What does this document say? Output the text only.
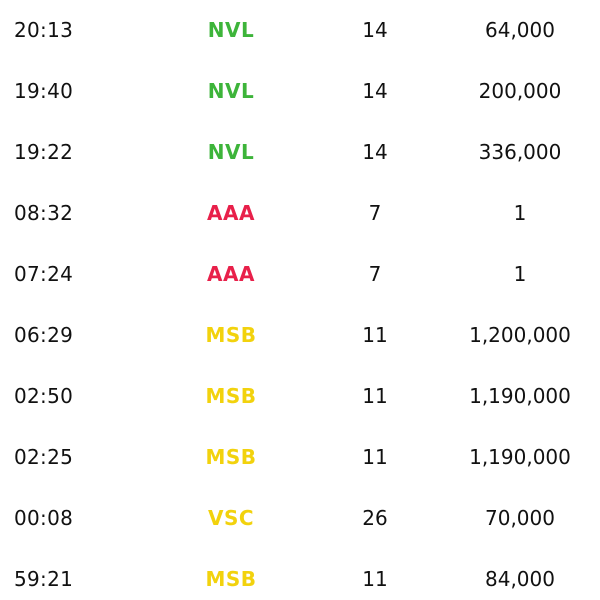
20:13	NVL	14	64,000
19:40	NVL	14	200,000
19:22	NVL	14	336,000
08:32	AAA	7	1
07:24	AAA	7	1
06:29	MSB	11	1,200,000
02:50	MSB	11	1,190,000
02:25	MSB	11	1,190,000
00:08	VSC	26	70,000
59:21	MSB	11	84,000
